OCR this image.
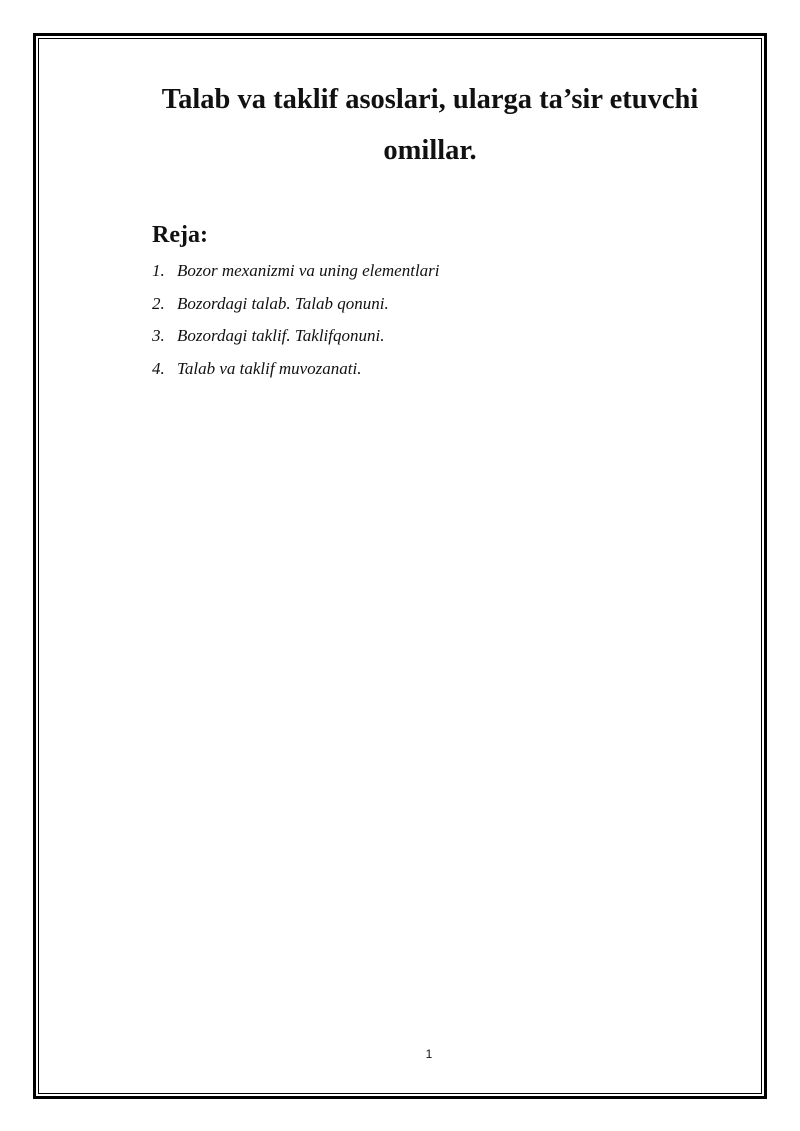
Talab va taklif asoslari, ularga ta’sir etuvchi
omillar.
Reja:
1. Bozor mexanizmi va uning elementlari
2. Bozordagi talab. Talab qonuni.
3. Bozordagi taklif. Taklifqonuni.
4. Talab va taklif muvozanati.
1
